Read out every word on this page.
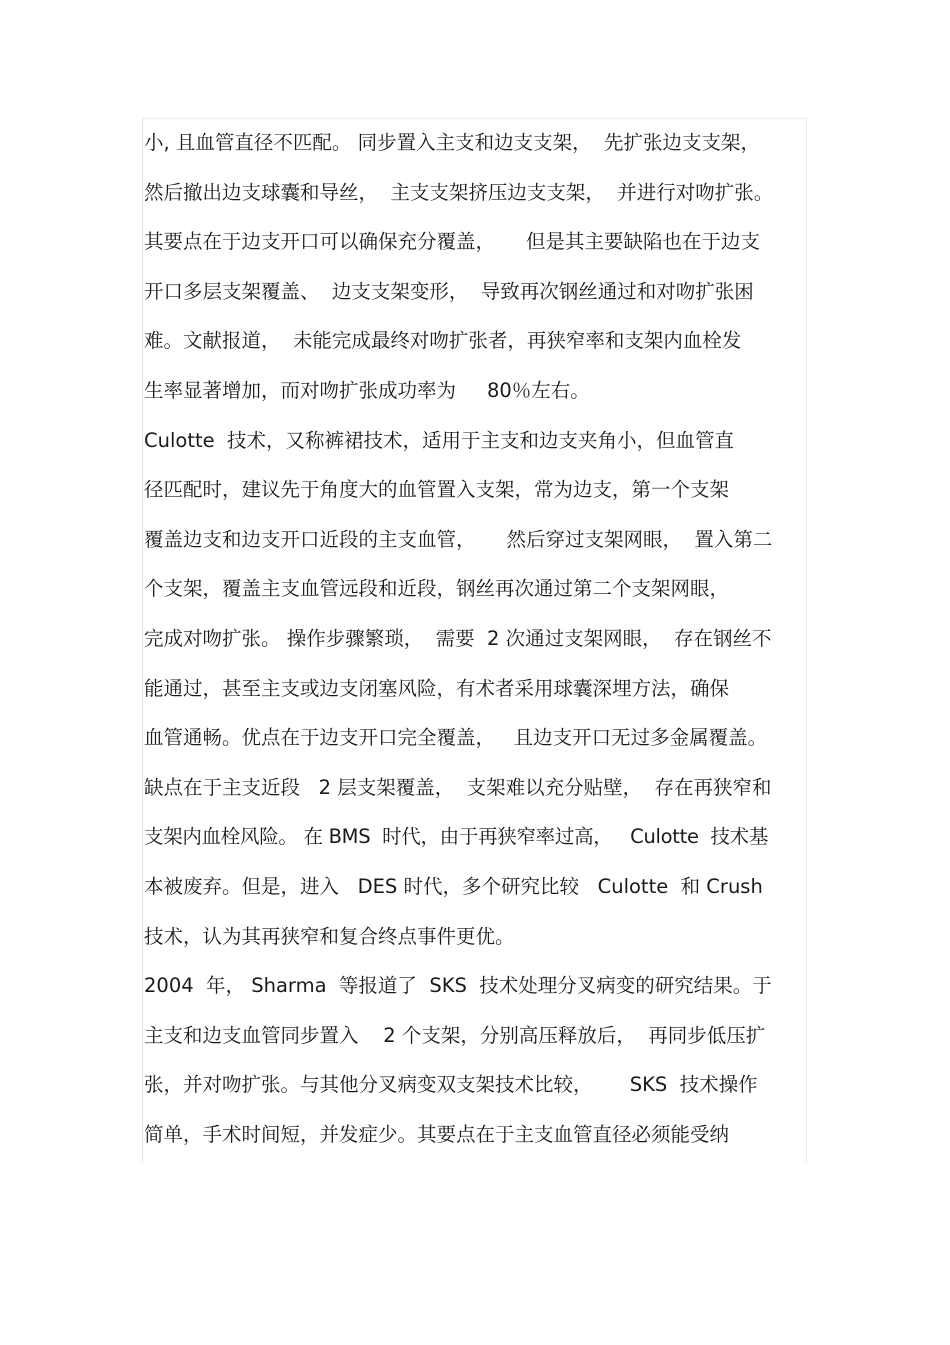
小, 且血管直径不匹配。 同步置入主支和边支支架，  先扩张边支支架，
然后撤出边支球囊和导丝，  主支支架挤压边支支架，  并进行对吻扩张。
其要点在于边支开口可以确保充分覆盖，     但是其主要缺陷也在于边支
开口多层支架覆盖、  边支支架变形，  导致再次钢丝通过和对吻扩张困
难。文献报道，  未能完成最终对吻扩张者，再狭窄率和支架内血栓发
生率显著增加，而对吻扩张成功率为     80％左右。
Culotte  技术，又称裤裙技术，适用于主支和边支夹角小，但血管直
径匹配时，建议先于角度大的血管置入支架，常为边支，第一个支架
覆盖边支和边支开口近段的主支血管，     然后穿过支架网眼，  置入第二
个支架，覆盖主支血管远段和近段，钢丝再次通过第二个支架网眼，
完成对吻扩张。 操作步骤繁琐，  需要  2 次通过支架网眼，  存在钢丝不
能通过，甚至主支或边支闭塞风险，有术者采用球囊深埋方法，确保
血管通畅。优点在于边支开口完全覆盖，   且边支开口无过多金属覆盖。
缺点在于主支近段   2 层支架覆盖，  支架难以充分贴壁，  存在再狭窄和
支架内血栓风险。 在 BMS  时代，由于再狭窄率过高，   Culotte  技术基
本被废弃。但是，进入   DES 时代，多个研究比较   Culotte  和 Crush
技术，认为其再狭窄和复合终点事件更优。
2004  年， Sharma  等报道了  SKS  技术处理分叉病变的研究结果。于
主支和边支血管同步置入    2 个支架，分别高压释放后，  再同步低压扩
张，并对吻扩张。与其他分叉病变双支架技术比较，      SKS  技术操作
简单，手术时间短，并发症少。其要点在于主支血管直径必须能受纳
